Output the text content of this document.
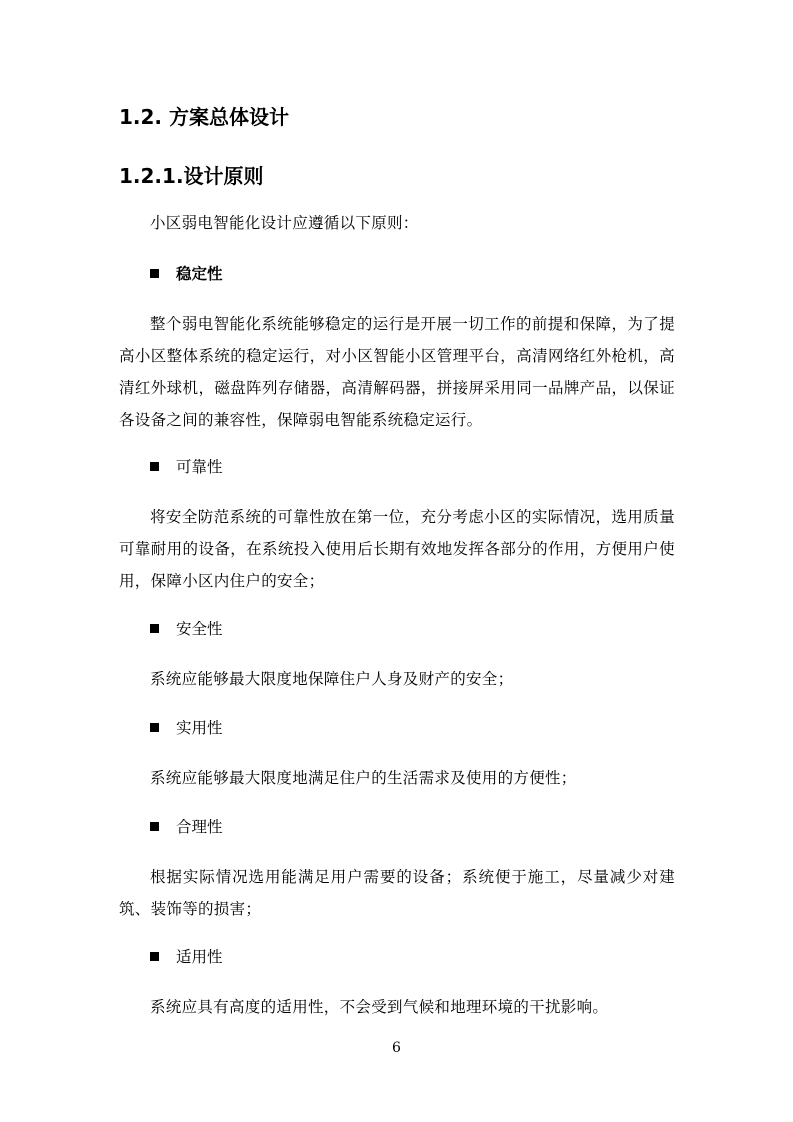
1.2. 方案总体设计
1.2.1.设计原则
小区弱电智能化设计应遵循以下原则：
稳定性
整个弱电智能化系统能够稳定的运行是开展一切工作的前提和保障，为了提高小区整体系统的稳定运行，对小区智能小区管理平台，高清网络红外枪机，高清红外球机，磁盘阵列存储器，高清解码器，拼接屏采用同一品牌产品，以保证各设备之间的兼容性，保障弱电智能系统稳定运行。
可靠性
将安全防范系统的可靠性放在第一位，充分考虑小区的实际情况，选用质量可靠耐用的设备，在系统投入使用后长期有效地发挥各部分的作用，方便用户使用，保障小区内住户的安全；
安全性
系统应能够最大限度地保障住户人身及财产的安全；
实用性
系统应能够最大限度地满足住户的生活需求及使用的方便性；
合理性
根据实际情况选用能满足用户需要的设备；系统便于施工，尽量减少对建筑、装饰等的损害；
适用性
系统应具有高度的适用性，不会受到气候和地理环境的干扰影响。
6
